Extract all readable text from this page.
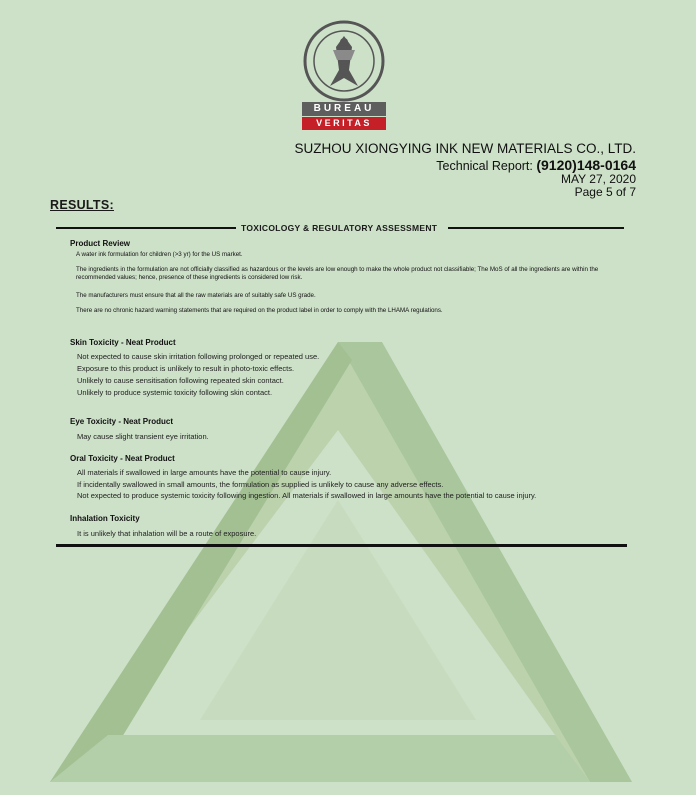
BUREAU
VERITAS
SUZHOU XIONGYING INK NEW MATERIALS CO., LTD.
Technical Report: (9120)148-0164
MAY 27, 2020
Page 5 of 7
RESULTS:
TOXICOLOGY & REGULATORY ASSESSMENT
Product Review
A water ink formulation for children (>3 yr) for the US market.
The ingredients in the formulation are not officially classified as hazardous or the levels are low enough to make the whole product not classifiable; The MoS of all the ingredients are within the recommended values; hence, presence of these ingredients is considered low risk.
The manufacturers must ensure that all the raw materials are of suitably safe US grade.
There are no chronic hazard warning statements that are required on the product label in order to comply with the LHAMA regulations.
Skin Toxicity - Neat Product
Not expected to cause skin irritation following prolonged or repeated use.
Exposure to this product is unlikely to result in photo-toxic effects.
Unlikely to cause sensitisation following repeated skin contact.
Unlikely to produce systemic toxicity following skin contact.
Eye Toxicity - Neat Product
May cause slight transient eye irritation.
Oral Toxicity - Neat Product
All materials if swallowed in large amounts have the potential to cause injury.
If incidentally swallowed in small amounts, the formulation as supplied is unlikely to cause any adverse effects.
Not expected to produce systemic toxicity following ingestion. All materials if swallowed in large amounts have the potential to cause injury.
Inhalation Toxicity
It is unlikely that inhalation will be a route of exposure.
